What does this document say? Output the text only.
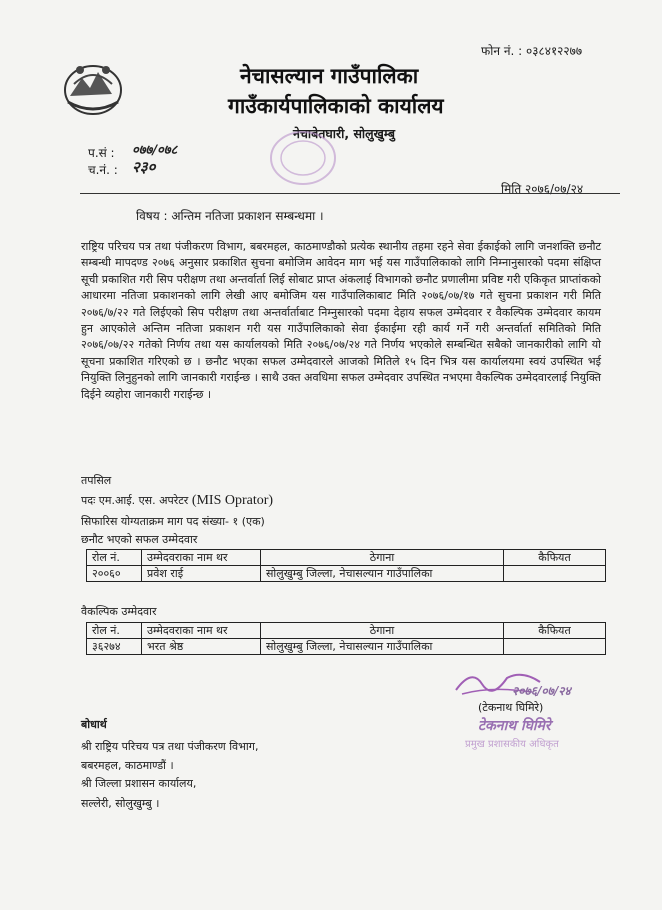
फोन नं. : ०३८४१२२७७
नेचासल्यान गाउँपालिका
गाउँकार्यपालिकाको कार्यालय
नेचाबेतघारी, सोलुखुम्बु
प.सं : ०७७/०७८
च.नं. : २३०
मिति २०७६/०७/२४
विषय : अन्तिम नतिजा प्रकाशन सम्बन्धमा ।
राष्ट्रिय परिचय पत्र तथा पंजीकरण विभाग, बबरमहल, काठमाण्डौको प्रत्येक स्थानीय तहमा रहने सेवा ईकाईको लागि जनशक्ति छनौट सम्बन्धी मापदण्ड २०७६ अनुसार प्रकाशित सुचना बमोजिम आवेदन माग भई यस गाउँपालिकाको लागि निम्नानुसारको पदमा संक्षिप्त सूची प्रकाशित गरी सिप परीक्षण तथा अन्तर्वार्ता लिई सोबाट प्राप्त अंकलाई विभागको छनौट प्रणालीमा प्रविष्ट गरी एकिकृत प्राप्तांकको आधारमा नतिजा प्रकाशनको लागि लेखी आए बमोजिम यस गाउँपालिकाबाट मिति २०७६/०७/१७ गते सुचना प्रकाशन गरी मिति २०७६/७/२२ गते लिईएको सिप परीक्षण तथा अन्तर्वार्ताबाट निम्नुसारको पदमा देहाय सफल उम्मेदवार र वैकल्पिक उम्मेदवार कायम हुन आएकोले अन्तिम नतिजा प्रकाशन गरी यस गाउँपालिकाको सेवा ईकाईमा रही कार्य गर्ने गरी अन्तर्वार्ता समितिको मिति २०७६/०७/२२ गतेको निर्णय तथा यस कार्यालयको मिति २०७६/०७/२४ गते निर्णय भएकोले सम्बन्धित सबैको जानकारीको लागि यो सूचना प्रकाशित गरिएको छ । छनौट भएका सफल उम्मेदवारले आजको मितिले १५ दिन भित्र यस कार्यालयमा स्वयं उपस्थित भई नियुक्ति लिनुहुनको लागि जानकारी गराईन्छ । साथै उक्त अवधिमा सफल उम्मेदवार उपस्थित नभएमा वैकल्पिक उम्मेदवारलाई नियुक्ति दिईने व्यहोरा जानकारी गराईन्छ ।
तपसिल
पदः एम.आई. एस. अपरेटर (MIS Oprator)
सिफारिस योग्यताक्रम माग पद संख्या- १ (एक)
छनौट भएको सफल उम्मेदवार
रोल नं.	उम्मेदवराका नाम थर	ठेगाना	कैफियत
२००६०	प्रवेश राई	सोलुखुम्बु जिल्ला, नेचासल्यान गाउँपालिका	
वैकल्पिक उम्मेदवार
रोल नं.	उम्मेदवराका नाम थर	ठेगाना	कैफियत
३६२७४	भरत श्रेष्ठ	सोलुखुम्बु जिल्ला, नेचासल्यान गाउँपालिका	
२०७६/०७/२४
(टेकनाथ घिमिरे)
टेकनाथ घिमिरे
प्रमुख प्रशासकीय अधिकृत
बोधार्थ
श्री राष्ट्रिय परिचय पत्र तथा पंजीकरण विभाग,
बबरमहल, काठमाण्डौं ।
श्री जिल्ला प्रशासन कार्यालय,
सल्लेरी, सोलुखुम्बु ।
